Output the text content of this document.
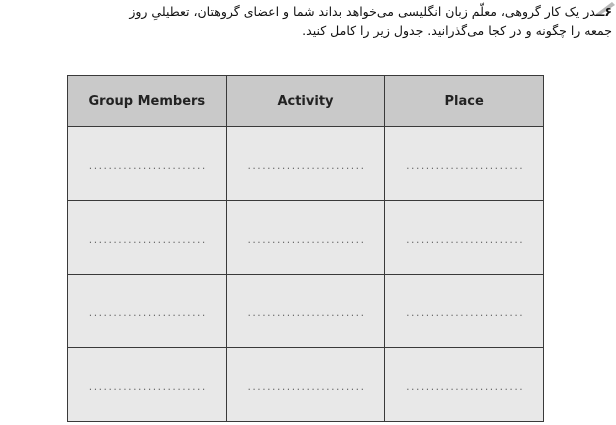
۶ــدر یک کار گروهی، معلّم زبان انگلیسی می‌خواهد بداند شما و اعضای گروهتان، تعطیلیِ روز
جمعه را چگونه و در کجا می‌گذرانید. جدول زیر را کامل کنید.
Group Members	Activity	Place
........................	........................	........................
........................	........................	........................
........................	........................	........................
........................	........................	........................
